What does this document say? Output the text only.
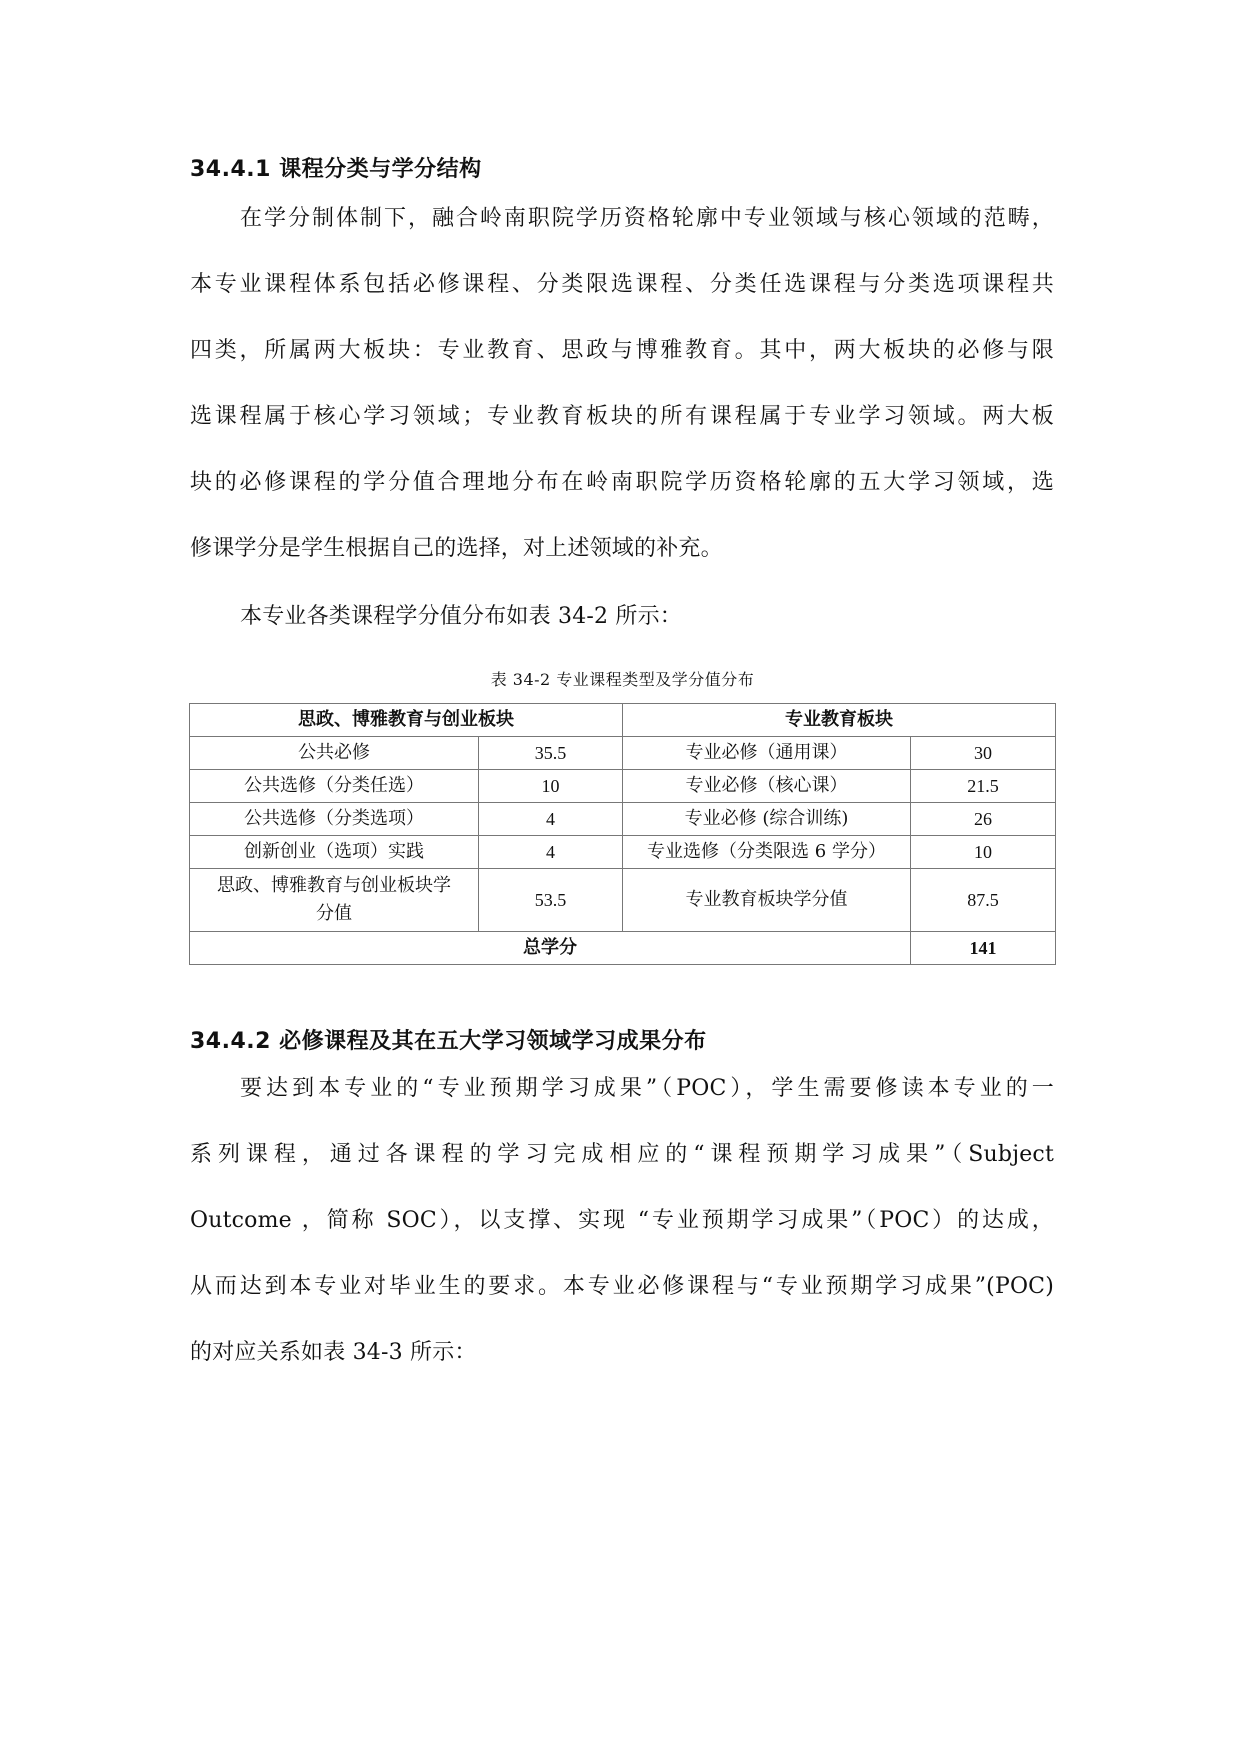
34.4.1 课程分类与学分结构
在学分制体制下，融合岭南职院学历资格轮廓中专业领域与核心领域的范畴，
本专业课程体系包括必修课程、分类限选课程、分类任选课程与分类选项课程共
四类，所属两大板块：专业教育、思政与博雅教育。其中，两大板块的必修与限
选课程属于核心学习领域；专业教育板块的所有课程属于专业学习领域。两大板
块的必修课程的学分值合理地分布在岭南职院学历资格轮廓的五大学习领域，选
修课学分是学生根据自己的选择，对上述领域的补充。
本专业各类课程学分值分布如表 34-2 所示：
表 34-2 专业课程类型及学分值分布
思政、博雅教育与创业板块		专业教育板块	
公共必修	35.5	专业必修（通用课）	30
公共选修（分类任选）	10	专业必修（核心课）	21.5
公共选修（分类选项）	4	专业必修 (综合训练)	26
创新创业（选项）实践	4	专业选修（分类限选 6 学分）	10
思政、博雅教育与创业板块学
分值	53.5	专业教育板块学分值	87.5
总学分			141
34.4.2 必修课程及其在五大学习领域学习成果分布
要达到本专业的“专业预期学习成果”（POC），学生需要修读本专业的一
系列课程，通过各课程的学习完成相应的“课程预期学习成果”（Subject
Outcome ，简称 SOC），以支撑、实现 “专业预期学习成果”（POC）的达成，
从而达到本专业对毕业生的要求。本专业必修课程与“专业预期学习成果”(POC)
的对应关系如表 34-3 所示：
